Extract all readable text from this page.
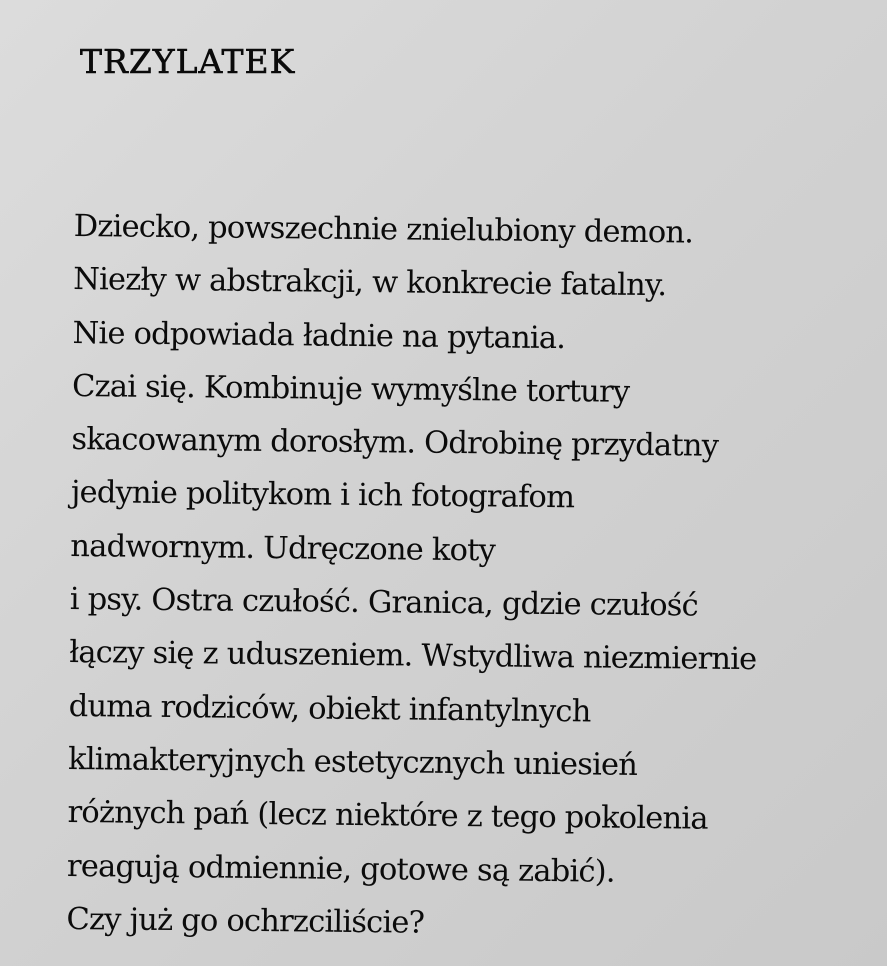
TRZYLATEK
Dziecko, powszechnie znielubiony demon.
Niezły w abstrakcji, w konkrecie fatalny.
Nie odpowiada ładnie na pytania.
Czai się. Kombinuje wymyślne tortury
skacowanym dorosłym. Odrobinę przydatny
jedynie politykom i ich fotografom
nadwornym. Udręczone koty
i psy. Ostra czułość. Granica, gdzie czułość
łączy się z uduszeniem. Wstydliwa niezmiernie
duma rodziców, obiekt infantylnych
klimakteryjnych estetycznych uniesień
różnych pań (lecz niektóre z tego pokolenia
reagują odmiennie, gotowe są zabić).
Czy już go ochrzciliście?
